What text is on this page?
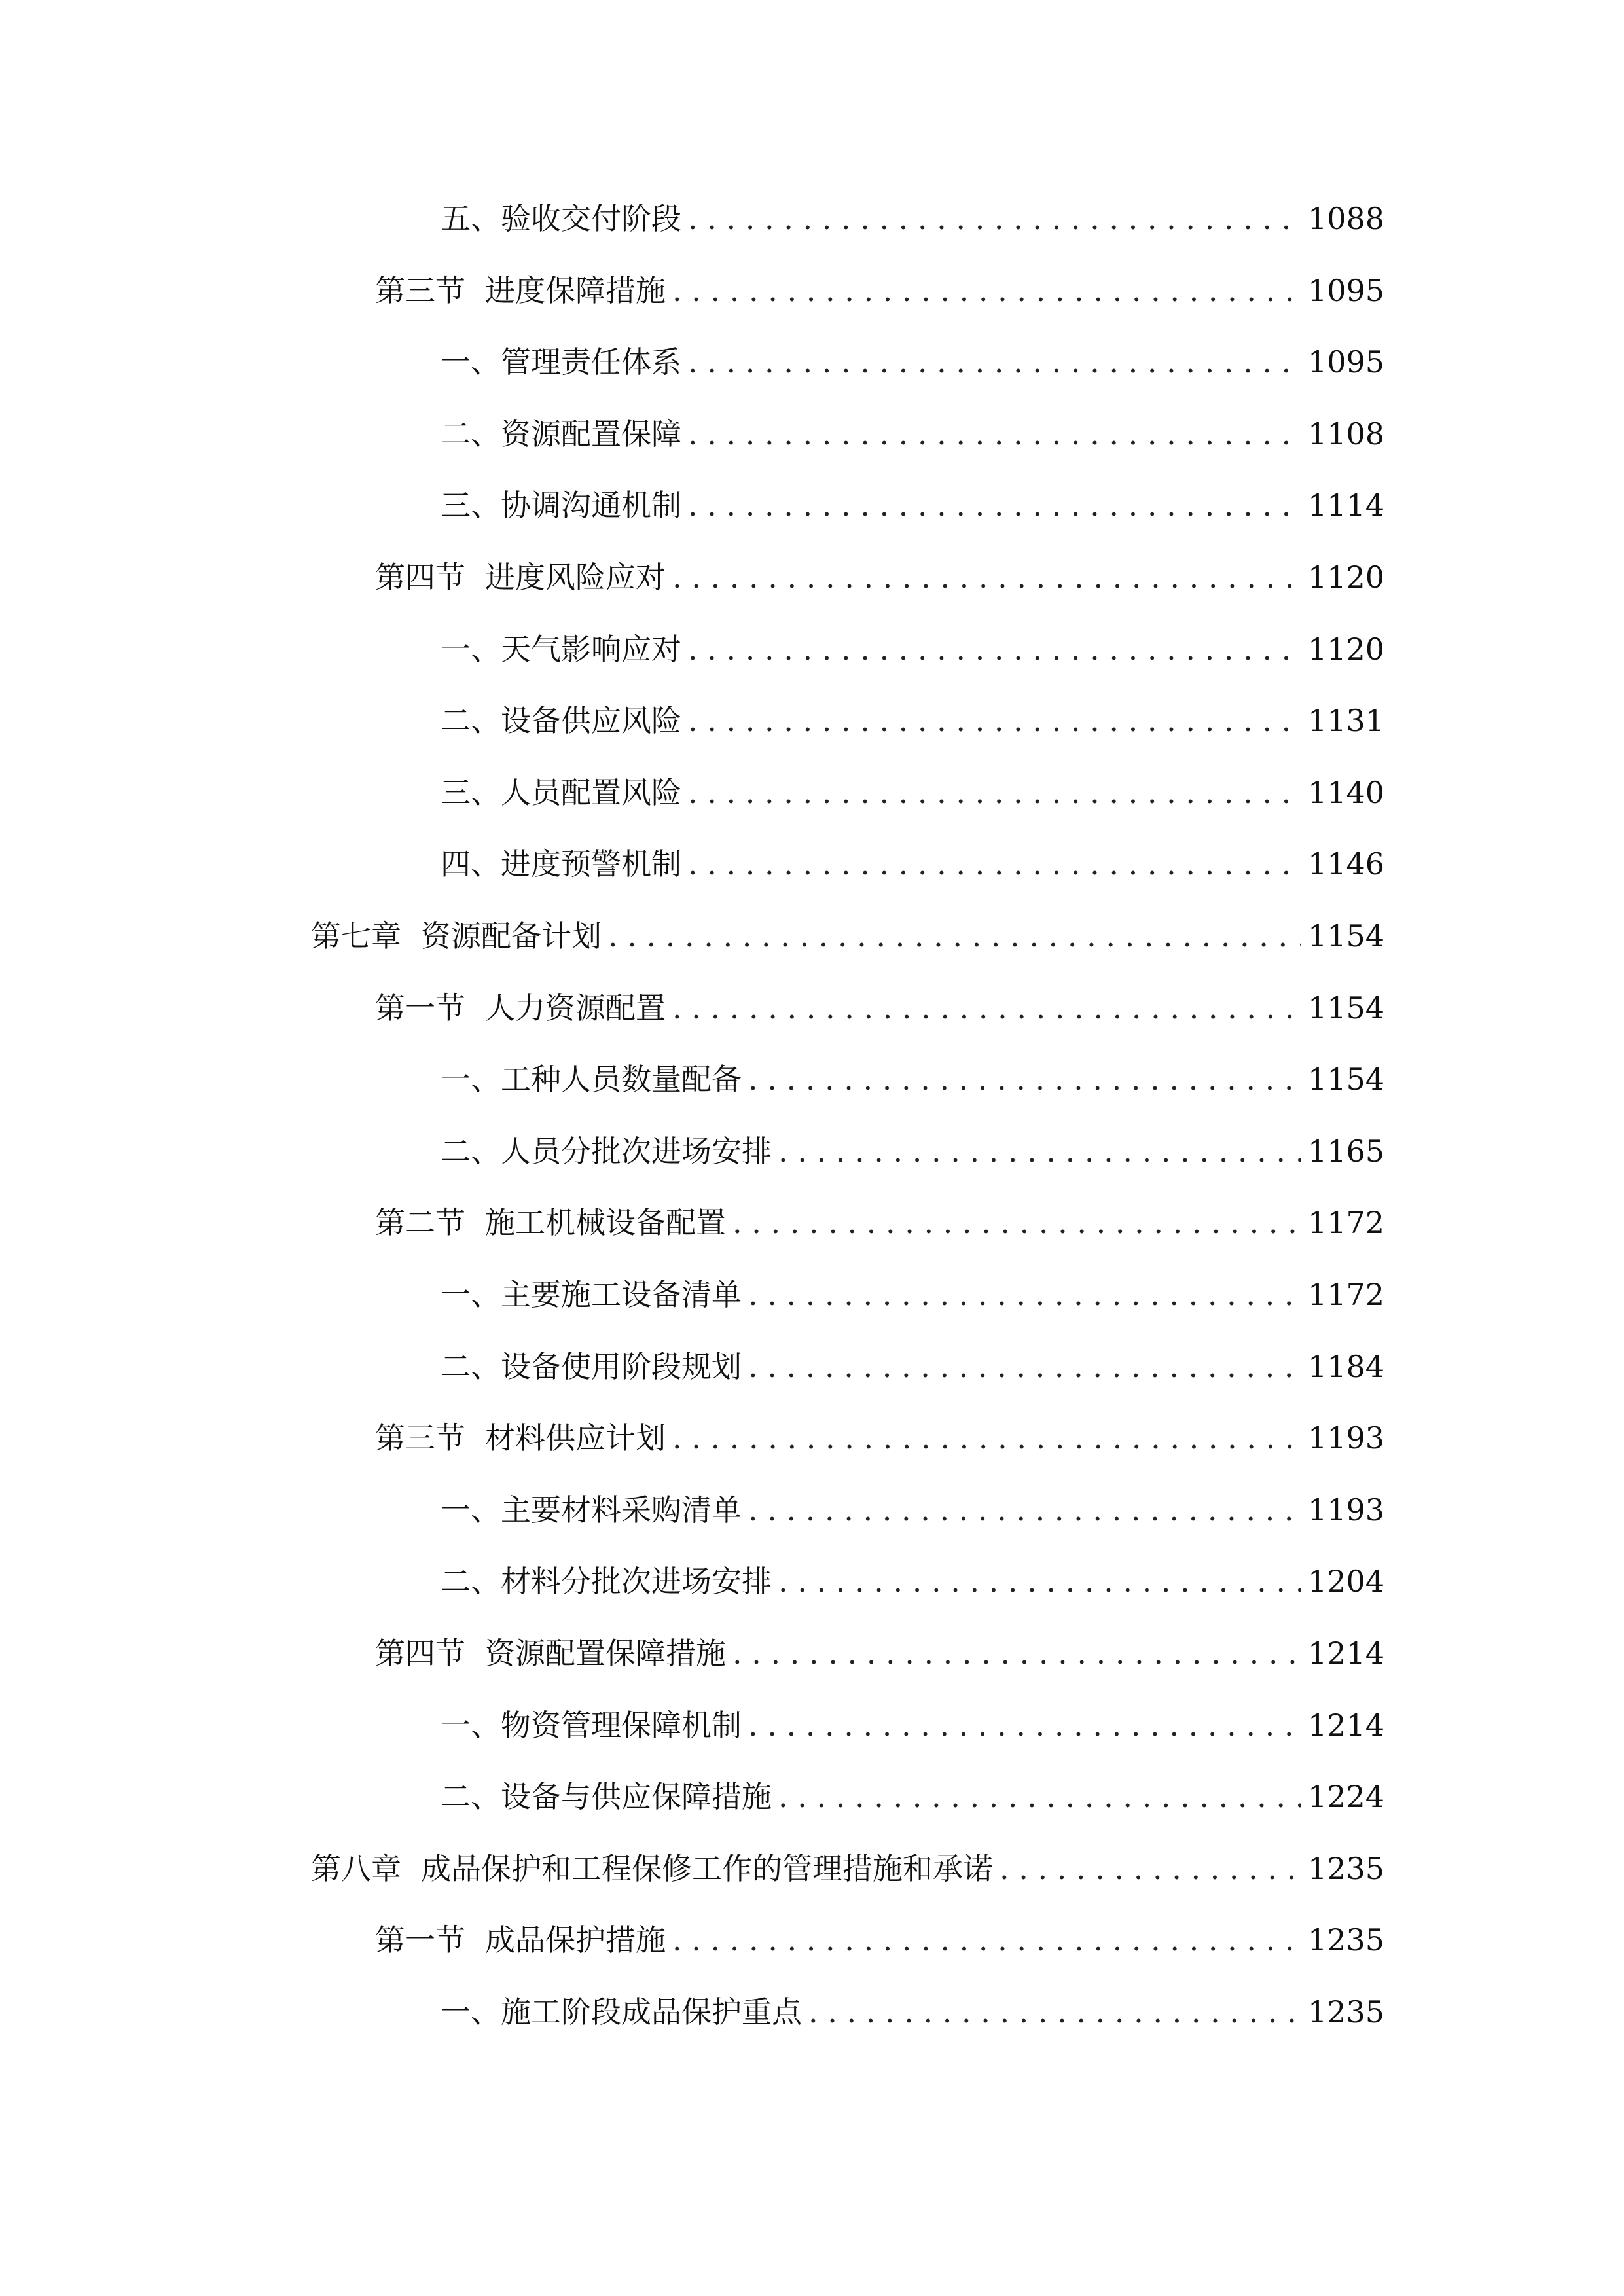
五、 验收交付阶段 . . .	1088
第三节 进度保障措施 . . .	1095
一、 管理责任体系 . . .	1095
二、 资源配置保障 . . .	1108
三、 协调沟通机制 . . .	1114
第四节 进度风险应对 . . .	1120
一、 天气影响应对 . . .	1120
二、 设备供应风险 . . .	1131
三、 人员配置风险 . . .	1140
四、 进度预警机制 . . .	1146
第七章 资源配备计划 . . .	1154
第一节 人力资源配置 . . .	1154
一、 工种人员数量配备 . . .	1154
二、 人员分批次进场安排 . . .	1165
第二节 施工机械设备配置 . . .	1172
一、 主要施工设备清单 . . .	1172
二、 设备使用阶段规划 . . .	1184
第三节 材料供应计划 . . .	1193
一、 主要材料采购清单 . . .	1193
二、 材料分批次进场安排 . . .	1204
第四节 资源配置保障措施 . . .	1214
一、 物资管理保障机制 . . .	1214
二、 设备与供应保障措施 . . .	1224
第八章 成品保护和工程保修工作的管理措施和承诺 . . .	1235
第一节 成品保护措施 . . .	1235
一、 施工阶段成品保护重点 . . .	1235
